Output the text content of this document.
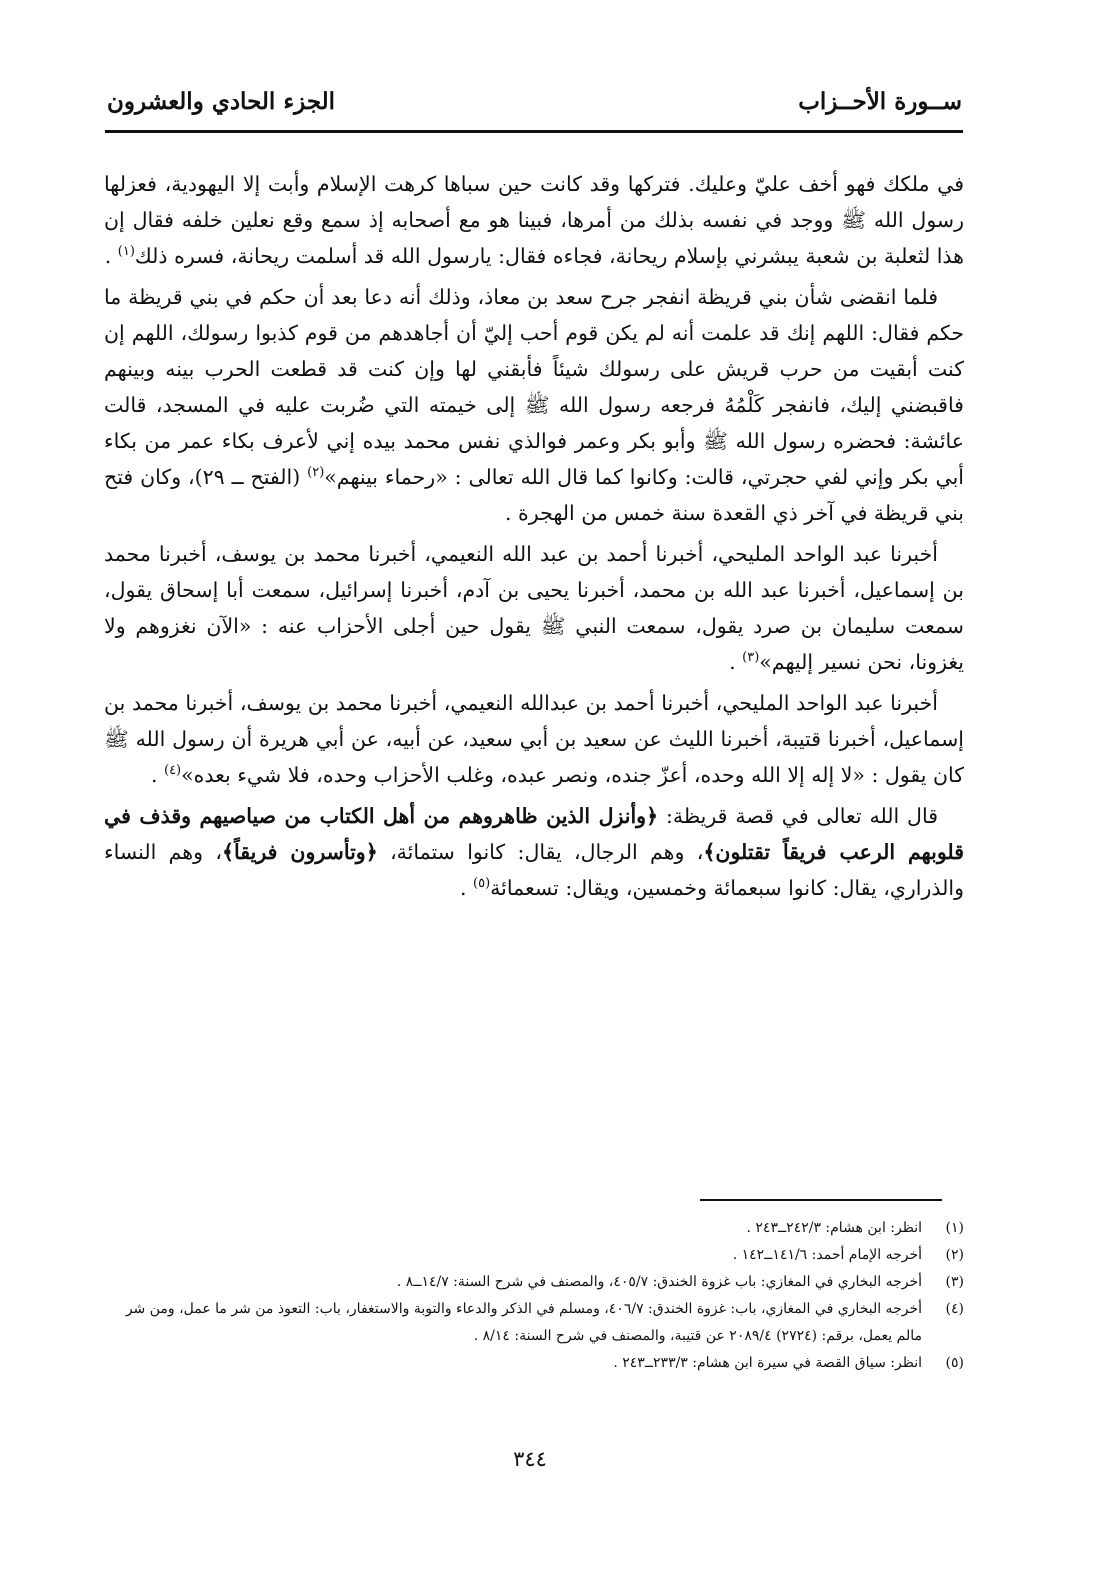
ســورة الأحــزاب
الجزء الحادي والعشرون

في ملكك فهو أخف عليّ وعليك. فتركها وقد كانت حين سباها كرهت الإسلام وأبت إلا اليهودية، فعزلها رسول الله ﷺ ووجد في نفسه بذلك من أمرها، فبينا هو مع أصحابه إذ سمع وقع نعلين خلفه فقال إن هذا لثعلبة بن شعبة يبشرني بإسلام ريحانة، فجاءه فقال: يارسول الله قد أسلمت ريحانة، فسره ذلك$^{(١)}$ .

فلما انقضى شأن بني قريظة انفجر جرح سعد بن معاذ، وذلك أنه دعا بعد أن حكم في بني قريظة ما حكم فقال: اللهم إنك قد علمت أنه لم يكن قوم أحب إليّ أن أجاهدهم من قوم كذبوا رسولك، اللهم إن كنت أبقيت من حرب قريش على رسولك شيئاً فأبقني لها وإن كنت قد قطعت الحرب بينه وبينهم فاقبضني إليك، فانفجر كَلْمُهُ فرجعه رسول الله ﷺ إلى خيمته التي ضُربت عليه في المسجد، قالت عائشة: فحضره رسول الله ﷺ وأبو بكر وعمر فوالذي نفس محمد بيده إني لأعرف بكاء عمر من بكاء أبي بكر وإني لفي حجرتي، قالت: وكانوا كما قال الله تعالى : «رحماء بينهم»$^{(٢)}$ (الفتح ــ ٢٩)، وكان فتح بني قريظة في آخر ذي القعدة سنة خمس من الهجرة .

أخبرنا عبد الواحد المليحي، أخبرنا أحمد بن عبد الله النعيمي، أخبرنا محمد بن يوسف، أخبرنا محمد بن إسماعيل، أخبرنا عبد الله بن محمد، أخبرنا يحيى بن آدم، أخبرنا إسرائيل، سمعت أبا إسحاق يقول، سمعت سليمان بن صرد يقول، سمعت النبي ﷺ يقول حين أجلى الأحزاب عنه : «الآن نغزوهم ولا يغزونا، نحن نسير إليهم»$^{(٣)}$ .

أخبرنا عبد الواحد المليحي، أخبرنا أحمد بن عبدالله النعيمي، أخبرنا محمد بن يوسف، أخبرنا محمد بن إسماعيل، أخبرنا قتيبة، أخبرنا الليث عن سعيد بن أبي سعيد، عن أبيه، عن أبي هريرة أن رسول الله ﷺ كان يقول : «لا إله إلا الله وحده، أعزّ جنده، ونصر عبده، وغلب الأحزاب وحده، فلا شيء بعده»$^{(٤)}$ .

قال الله تعالى في قصة قريظة: ﴿وأنزل الذين ظاهروهم من أهل الكتاب من صياصيهم وقذف في قلوبهم الرعب فريقاً تقتلون﴾، وهم الرجال، يقال: كانوا ستمائة، ﴿وتأسرون فريقاً﴾، وهم النساء والذراري، يقال: كانوا سبعمائة وخمسين، ويقال: تسعمائة$^{(٥)}$ .

(١)
انظر: ابن هشام: ٢٤٢/٣ــ٢٤٣ .
(٢)
أخرجه الإمام أحمد: ١٤١/٦ــ١٤٢ .
(٣)
أخرجه البخاري في المغازي: باب غزوة الخندق: ٤٠٥/٧، والمصنف في شرح السنة: ١٤/٧ــ٨ .
(٤)
أخرجه البخاري في المغازي، باب: غزوة الخندق: ٤٠٦/٧، ومسلم في الذكر والدعاء والتوبة والاستغفار، باب: التعوذ من شر ما عمل، ومن شر مالم يعمل، برقم: (٢٧٢٤) ٢٠٨٩/٤ عن قتيبة، والمصنف في شرح السنة: ٨/١٤ .
(٥)
انظر: سياق القصة في سيرة ابن هشام: ٢٣٣/٣ــ٢٤٣ .
٣٤٤
